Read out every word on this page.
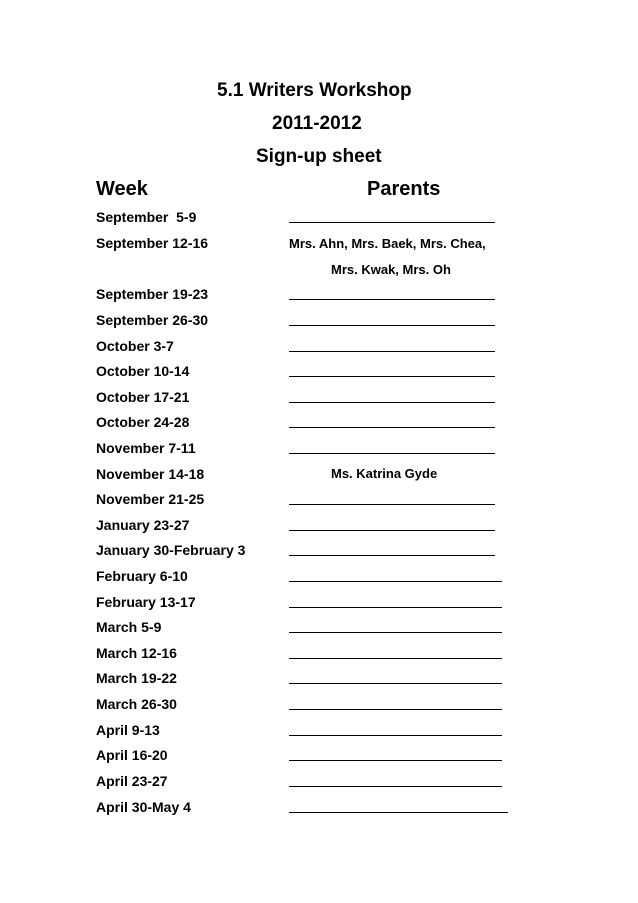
5.1 Writers Workshop
2011-2012
Sign-up sheet
Week	Parents
September  5-9
September 12-16	Mrs. Ahn, Mrs. Baek, Mrs. Chea,
Mrs. Kwak, Mrs. Oh
September 19-23
September 26-30
October 3-7
October 10-14
October 17-21
October 24-28
November 7-11
November 14-18	Ms. Katrina Gyde
November 21-25
January 23-27
January 30-February 3
February 6-10
February 13-17
March 5-9
March 12-16
March 19-22
March 26-30
April 9-13
April 16-20
April 23-27
April 30-May 4
